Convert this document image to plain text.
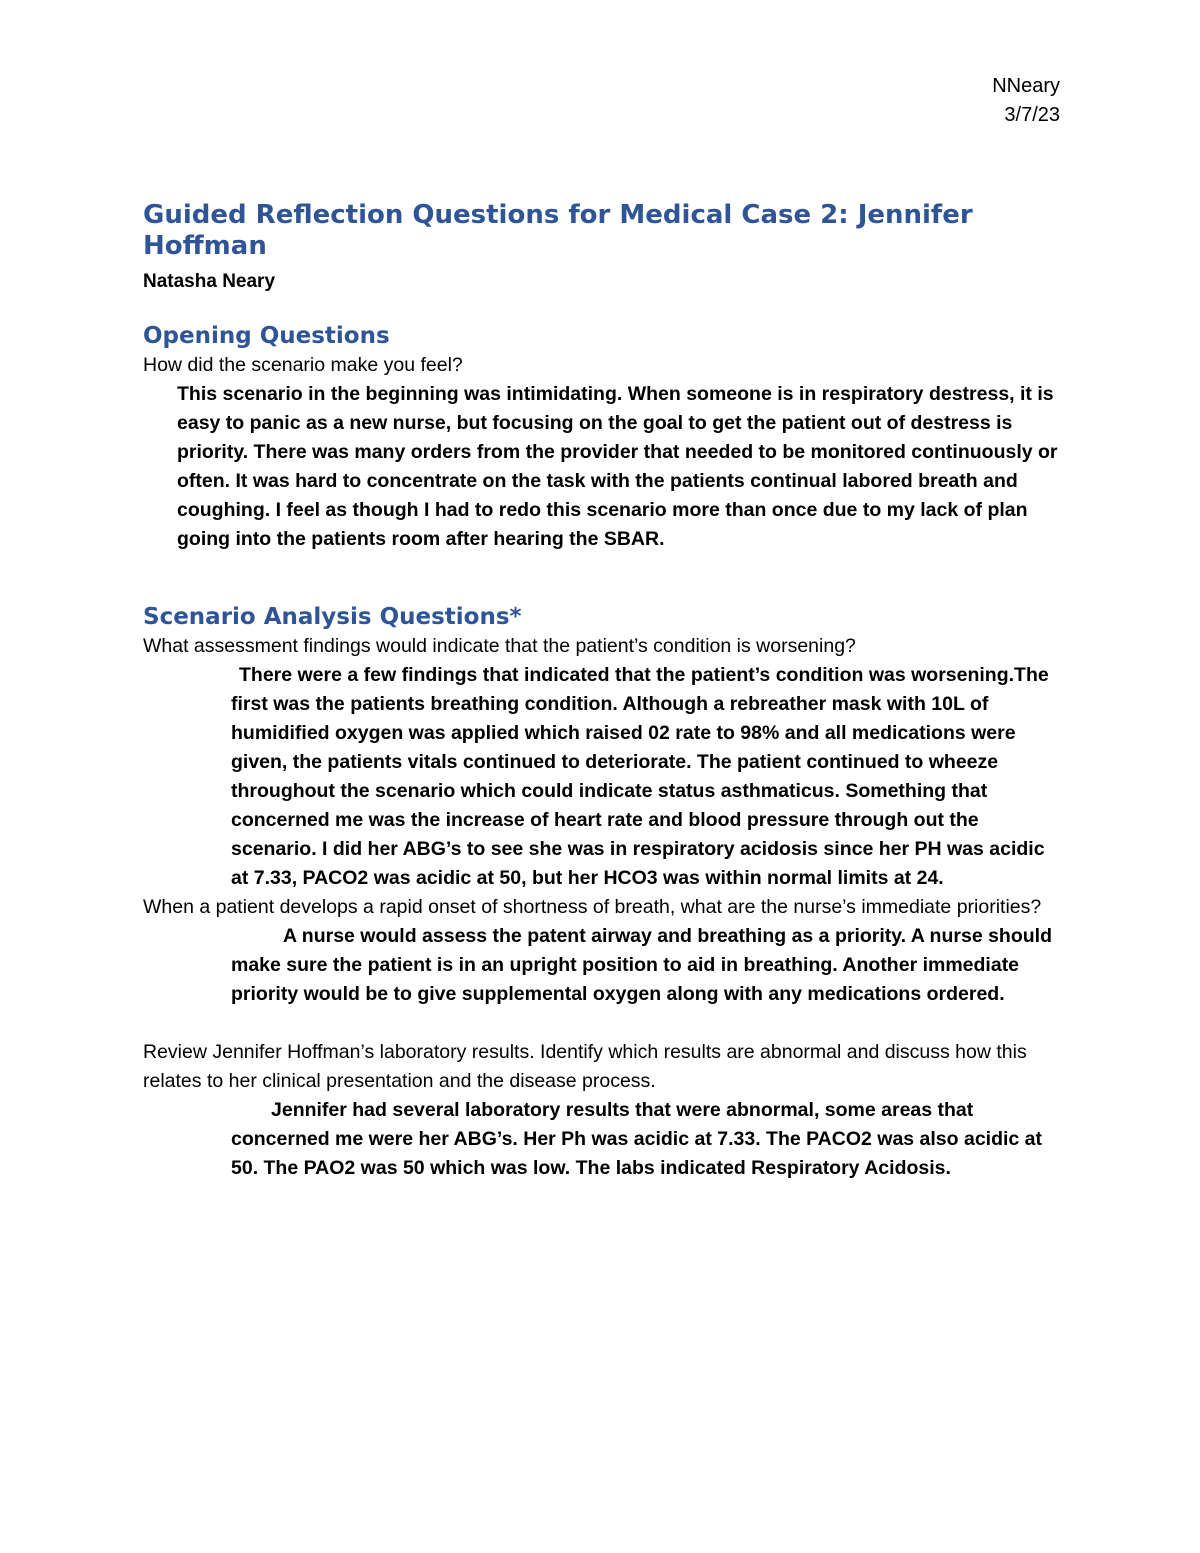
NNeary
3/7/23
Guided Reflection Questions for Medical Case 2: Jennifer Hoffman
Natasha Neary
Opening Questions
How did the scenario make you feel?
This scenario in the beginning was intimidating. When someone is in respiratory destress, it is easy to panic as a new nurse, but focusing on the goal to get the patient out of destress is priority. There was many orders from the provider that needed to be monitored continuously or often. It was hard to concentrate on the task with the patients continual labored breath and coughing. I feel as though I had to redo this scenario more than once due to my lack of plan going into the patients room after hearing the SBAR.
Scenario Analysis Questions*
What assessment findings would indicate that the patient’s condition is worsening?
There were a few findings that indicated that the patient’s condition was worsening.The first was the patients breathing condition. Although a rebreather mask with 10L of humidified oxygen was applied which raised 02 rate to 98% and all medications were given, the patients vitals continued to deteriorate. The patient continued to wheeze throughout the scenario which could indicate status asthmaticus. Something that concerned me was the increase of heart rate and blood pressure through out the scenario. I did her ABG’s to see she was in respiratory acidosis since her PH was acidic at 7.33, PACO2 was acidic at 50, but her HCO3 was within normal limits at 24.
When a patient develops a rapid onset of shortness of breath, what are the nurse’s immediate priorities?
A nurse would assess the patent airway and breathing as a priority. A nurse should make sure the patient is in an upright position to aid in breathing. Another immediate priority would be to give supplemental oxygen along with any medications ordered.
Review Jennifer Hoffman’s laboratory results. Identify which results are abnormal and discuss how this relates to her clinical presentation and the disease process.
Jennifer had several laboratory results that were abnormal, some areas that concerned me were her ABG’s. Her Ph was acidic at 7.33. The PACO2 was also acidic at 50. The PAO2 was 50 which was low. The labs indicated Respiratory Acidosis.
